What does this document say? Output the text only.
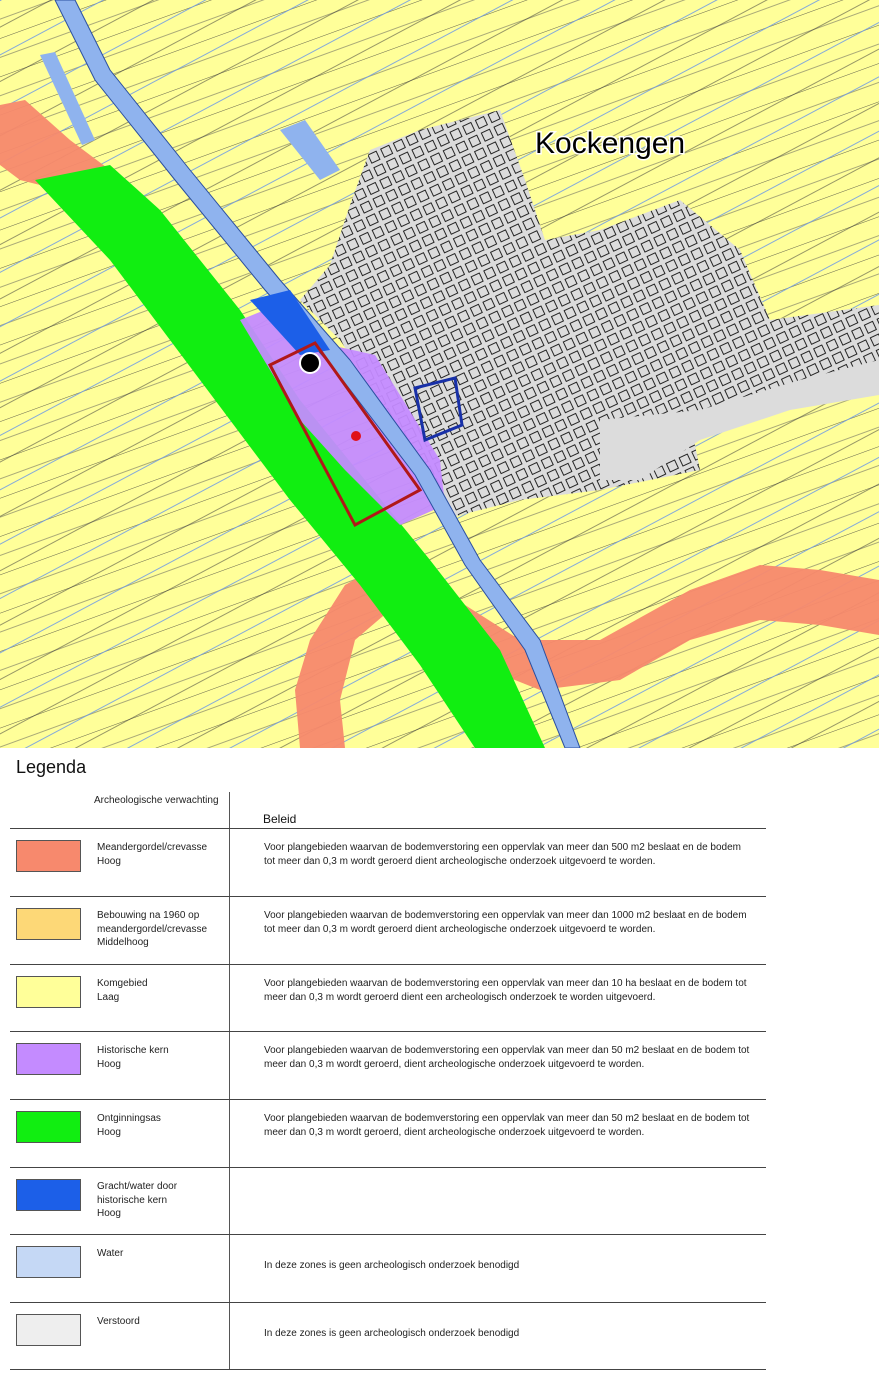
Kockengen
Legenda
Archeologische verwachting
Beleid
Meandergordel/crevasse
Hoog
Voor plangebieden waarvan de bodemverstoring een oppervlak van meer dan 500 m2 beslaat en de bodem tot meer dan 0,3 m wordt geroerd dient archeologische onderzoek uitgevoerd te worden.
Bebouwing na 1960 op
meandergordel/crevasse
Middelhoog
Voor plangebieden waarvan de bodemverstoring een oppervlak van meer dan 1000 m2 beslaat en de bodem tot meer dan 0,3 m wordt geroerd dient archeologische onderzoek uitgevoerd te worden.
Komgebied
Laag
Voor plangebieden waarvan de bodemverstoring een oppervlak van meer dan 10 ha beslaat en de bodem tot meer dan 0,3 m wordt geroerd dient een archeologisch onderzoek te worden uitgevoerd.
Historische kern
Hoog
Voor plangebieden waarvan de bodemverstoring een oppervlak van meer dan 50 m2 beslaat en de bodem tot meer dan 0,3 m wordt geroerd, dient archeologische onderzoek uitgevoerd te worden.
Ontginningsas
Hoog
Voor plangebieden waarvan de bodemverstoring een oppervlak van meer dan 50 m2 beslaat en de bodem tot meer dan 0,3 m wordt geroerd, dient archeologische onderzoek uitgevoerd te worden.
Gracht/water door
historische kern
Hoog
Water
In deze zones is geen archeologisch onderzoek benodigd
Verstoord
In deze zones is geen archeologisch onderzoek benodigd
